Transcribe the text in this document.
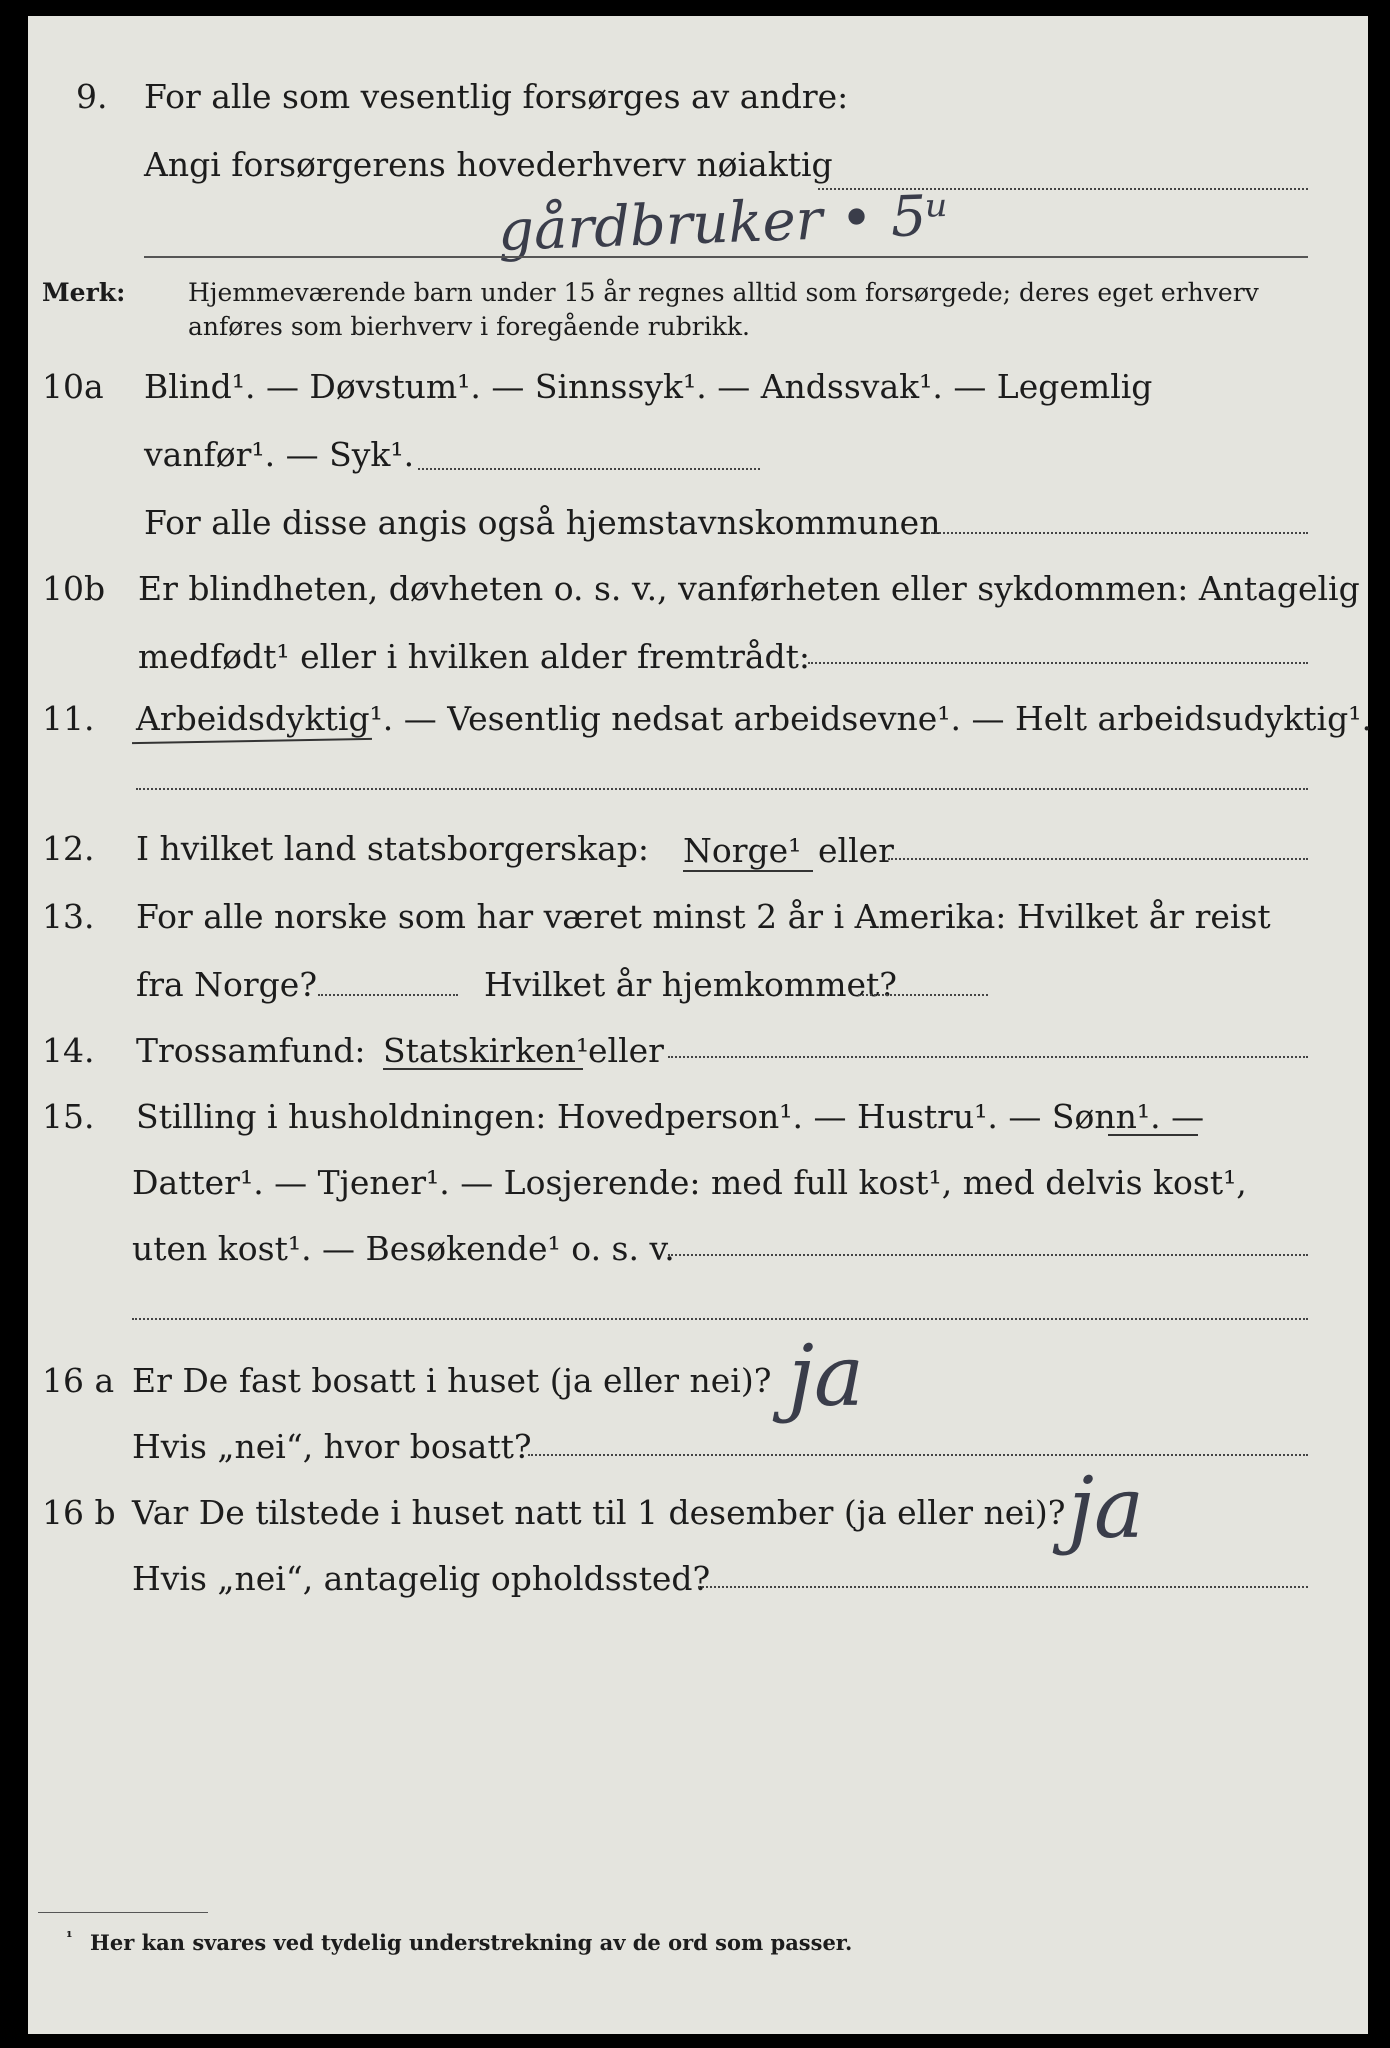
9. For alle som vesentlig forsørges av andre:
Angi forsørgerens hovederhverv nøiaktig
gårdbruker • 5ᵘ
Merk:	Hjemmeværende barn under 15 år regnes alltid som forsørgede; deres eget erhverv
anføres som bierhverv i foregående rubrikk.
10a Blind¹. — Døvstum¹. — Sinnssyk¹. — Andssvak¹. — Legemlig
vanfør¹. — Syk¹.
For alle disse angis også hjemstavnskommunen
10b Er blindheten, døvheten o. s. v., vanførheten eller sykdommen: Antagelig
medfødt¹ eller i hvilken alder fremtrådt:
11. Arbeidsdyktig¹. — Vesentlig nedsat arbeidsevne¹. — Helt arbeidsudyktig¹.
12. I hvilket land statsborgerskap: Norge¹ eller
13. For alle norske som har været minst 2 år i Amerika: Hvilket år reist
fra Norge?	Hvilket år hjemkommet?
14. Trossamfund: Statskirken¹
eller
15. Stilling i husholdningen: Hovedperson¹. — Hustru¹. — Sønn¹. —
Datter¹. — Tjener¹. — Losjerende: med full kost¹, med delvis kost¹,
uten kost¹. — Besøkende¹ o. s. v.
16 a Er De fast bosatt i huset (ja eller nei)? ja
Hvis „nei“, hvor bosatt?
16 b Var De tilstede i huset natt til 1 desember (ja eller nei)? ja
Hvis „nei“, antagelig opholdssted?
¹ Her kan svares ved tydelig understrekning av de ord som passer.
